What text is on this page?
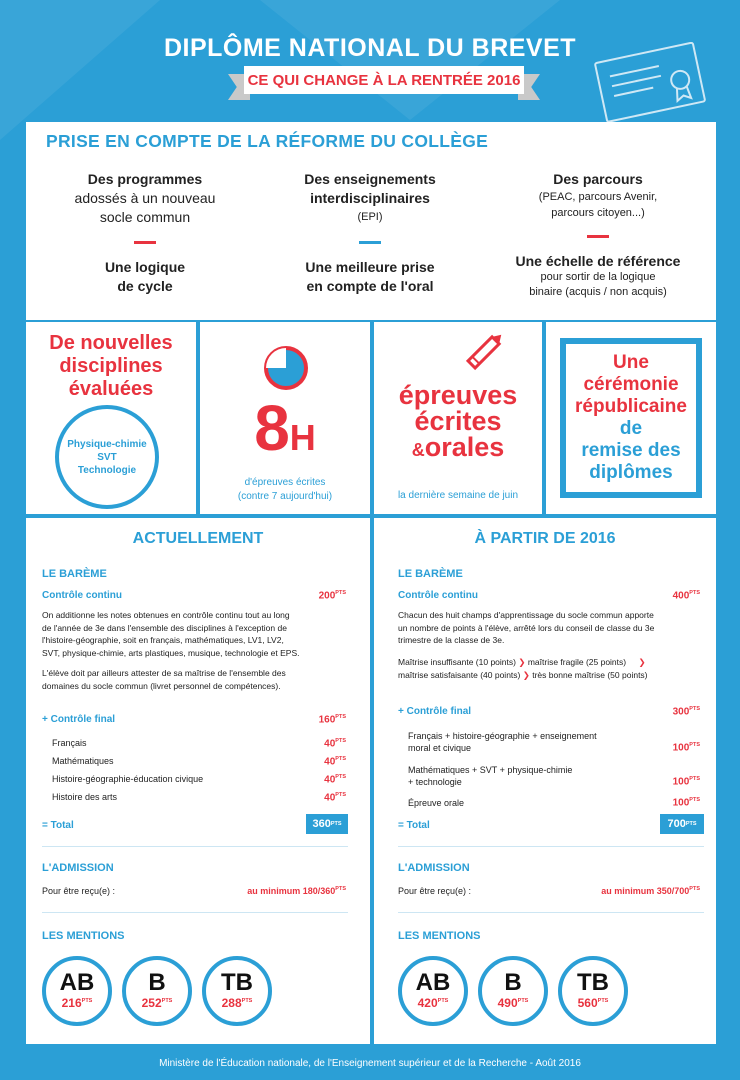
DIPLÔME NATIONAL DU BREVET
CE QUI CHANGE À LA RENTRÉE 2016
PRISE EN COMPTE DE LA RÉFORME DU COLLÈGE
Des programmes
adossés à un nouveau
socle commun
Une logique
de cycle
Des enseignements
interdisciplinaires
(EPI)
Une meilleure prise
en compte de l'oral
Des parcours
(PEAC, parcours Avenir,
parcours citoyen...)
Une échelle de référence
pour sortir de la logique
binaire (acquis / non acquis)
De nouvelles
disciplines
évaluées
Physique-chimie
SVT
Technologie
8H
d'épreuves écrites
(contre 7 aujourd'hui)
épreuves
écrites
&orales
la dernière semaine de juin
Une
cérémonie
républicaine
de
remise des
diplômes
ACTUELLEMENT
LE BARÈME
Contrôle continu	$200^{PTS}$
On additionne les notes obtenues en contrôle continu tout au long
de l'année de 3e dans l'ensemble des disciplines à l'exception de
l'histoire-géographie, soit en français, mathématiques, LV1, LV2,
SVT, physique-chimie, arts plastiques, musique, technologie et EPS.
L'élève doit par ailleurs attester de sa maîtrise de l'ensemble des
domaines du socle commun (livret personnel de compétences).
+ Contrôle final	$160^{PTS}$
Français	$40^{PTS}$
Mathématiques	$40^{PTS}$
Histoire-géographie-éducation civique	$40^{PTS}$
Histoire des arts	$40^{PTS}$
= Total	360 PTS
L'ADMISSION
Pour être reçu(e) :	au minimum $180/360^{PTS}$
LES MENTIONS
AB
$216^{PTS}$
B
$252^{PTS}$
TB
$288^{PTS}$
À PARTIR DE 2016
LE BARÈME
Contrôle continu	$400^{PTS}$
Chacun des huit champs d'apprentissage du socle commun apporte
un nombre de points à l'élève, arrêté lors du conseil de classe du 3e
trimestre de la classe de 3e.
Maîtrise insuffisante (10 points) ❯ maîtrise fragile (25 points) ❯
maîtrise satisfaisante (40 points) ❯ très bonne maîtrise (50 points)
+ Contrôle final	$300^{PTS}$
Français + histoire-géographie + enseignement
moral et civique	$100^{PTS}$
Mathématiques + SVT + physique-chimie
+ technologie	$100^{PTS}$
Épreuve orale	$100^{PTS}$
= Total	700 PTS
L'ADMISSION
Pour être reçu(e) :	au minimum $350/700^{PTS}$
LES MENTIONS
AB
$420^{PTS}$
B
$490^{PTS}$
TB
$560^{PTS}$
Ministère de l'Éducation nationale, de l'Enseignement supérieur et de la Recherche - Août 2016
